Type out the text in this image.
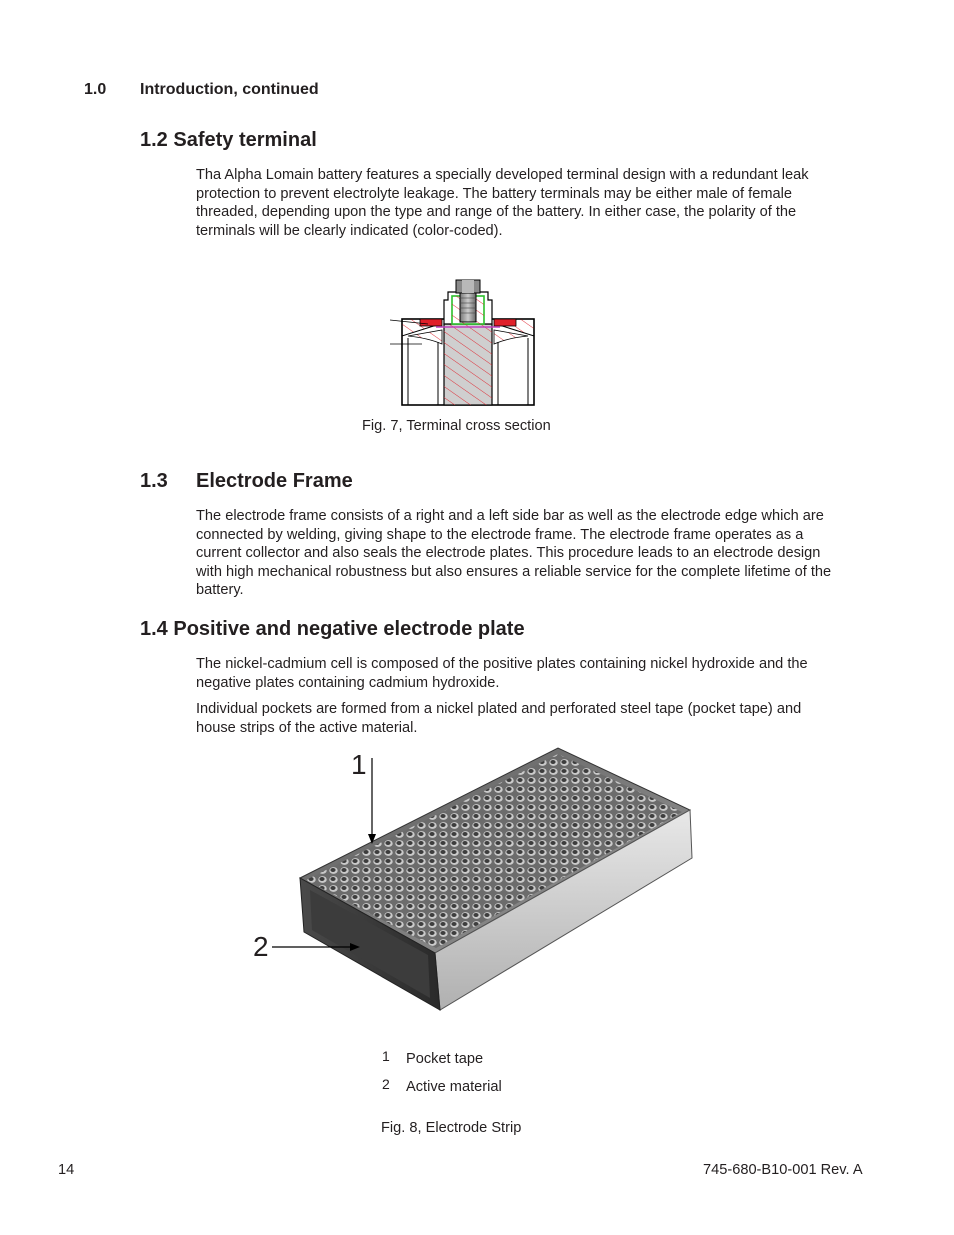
1.0 Introduction, continued
1.2 Safety terminal
Tha Alpha Lomain battery features a specially developed terminal design with a redundant leak protection to prevent electrolyte leakage. The battery terminals may be either male of female threaded, depending upon the type and range of the battery. In either case, the polarity of the terminals will be clearly indicated (color-coded).
Fig. 7, Terminal cross section
1.3 Electrode Frame
The electrode frame consists of a right and a left side bar as well as the electrode edge which are connected by welding, giving shape to the electrode frame. The electrode frame operates as a current collector and also seals the electrode plates. This procedure leads to an electrode design with high mechanical robustness but also ensures a reliable service for the complete lifetime of the battery.
1.4 Positive and negative electrode plate
The nickel-cadmium cell is composed of the positive plates containing nickel hydroxide and the negative plates containing cadmium hydroxide.
Individual pockets are formed from a nickel plated and perforated steel tape (pocket tape) and house strips of the active material.
1
2
1 Pocket tape
2 Active material
Fig. 8, Electrode Strip
14	745-680-B10-001 Rev. A
